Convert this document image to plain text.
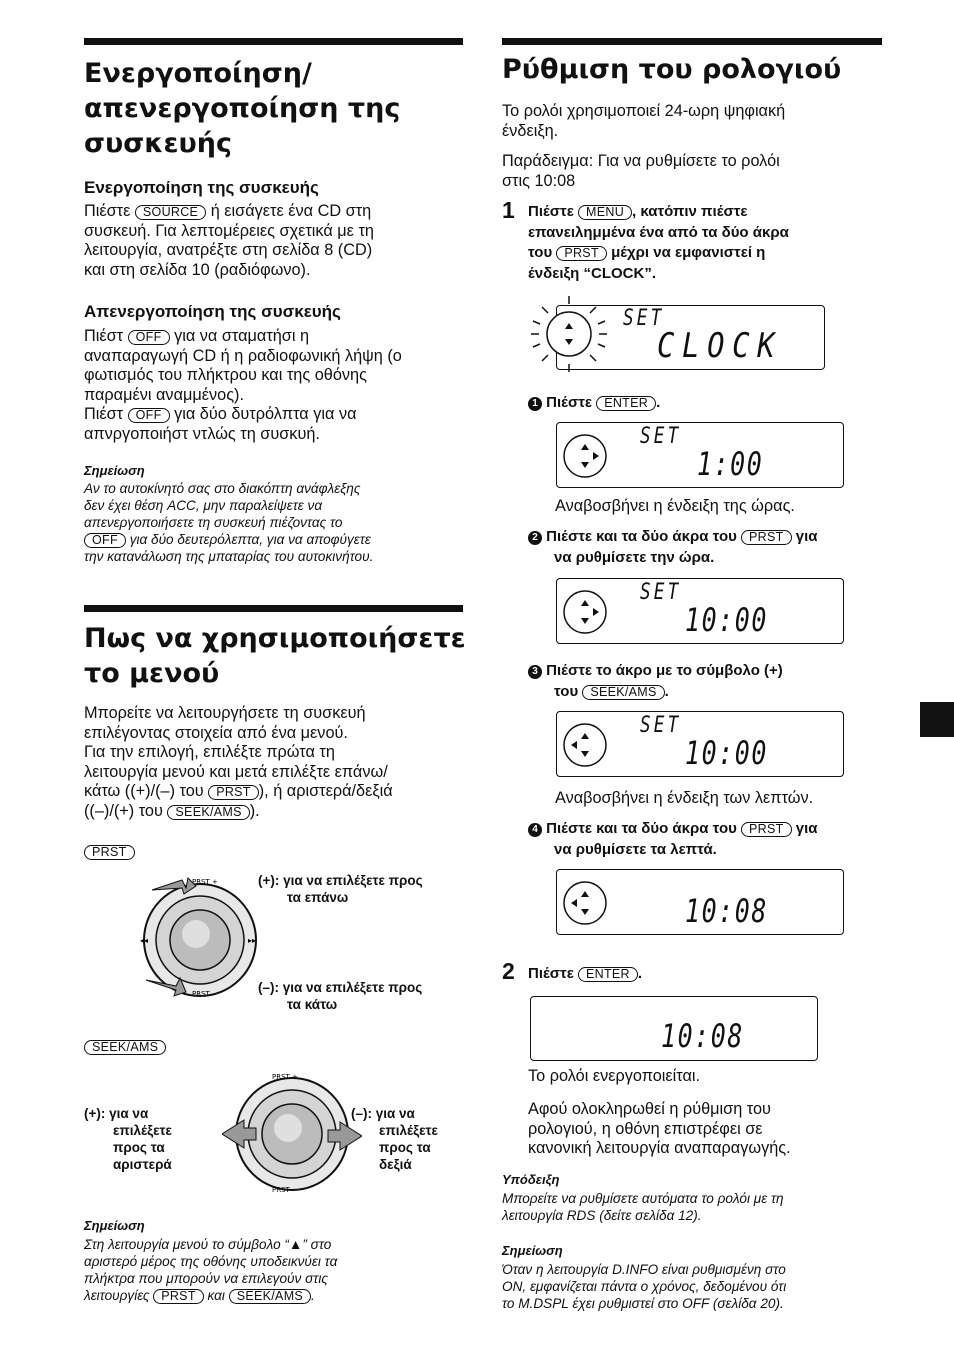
Ενεργοποίηση/
απενεργοποίηση της
συσκευής
Ενεργοποίηση της συσκευής
Πιέστε SOURCE ή εισάγετε ένα CD στη
συσκευή. Για λεπτομέρειες σχετικά με τη
λειτουργία, ανατρέξτε στη σελίδα 8 (CD)
και στη σελίδα 10 (ραδιόφωνο).
Απενεργοποίηση της συσκευής
Πιέστ OFF για να σταματήσι η
αναπαραγωγή CD ή η ραδιοφωνική λήψη (ο
φωτισμός του πλήκτρου και της οθόνης
παραμένι αναμμένος).
Πιέστ OFF για δύο δυτρόλπτα για να
απνργοποιήστ ντλώς τη συσκυή.
Σημείωση
Αν το αυτοκίνητό σας στο διακόπτη ανάφλεξης
δεν έχει θέση ACC, μην παραλείψετε να
απενεργοποιήσετε τη συσκευή πιέζοντας το
OFF για δύο δευτερόλεπτα, για να αποφύγετε
την κατανάλωση της μπαταρίας του αυτοκινήτου.
Πως να χρησιμοποιήσετε
το μενού
Μπορείτε να λειτουργήσετε τη συσκευή
επιλέγοντας στοιχεία από ένα μενού.
Για την επιλογή, επιλέξτε πρώτα τη
λειτουργία μενού και μετά επιλέξτε επάνω/
κάτω ((+)/(–) του PRST ), ή αριστερά/δεξιά
((–)/(+) του SEEK/AMS ).
PRST
PRST +
PRST –
◂◂	▸▸
(+): για να επιλέξετε προς
τα επάνω
(–): για να επιλέξετε προς
τα κάτω
SEEK/AMS
PRST +
PRST –
(+): για να
επιλέξετε
προς τα
αριστερά
(–): για να
επιλέξετε
προς τα
δεξιά
Σημείωση
Στη λειτουργία μενού το σύμβολο “▲” στο
αριστερό μέρος της οθόνης υποδεικνύει τα
πλήκτρα που μπορούν να επιλεγούν στις
λειτουργίες PRST και SEEK/AMS .
Ρύθμιση του ρολογιού
Το ρολόι χρησιμοποιεί 24-ωρη ψηφιακή
ένδειξη.
Παράδειγμα: Για να ρυθμίσετε το ρολόι
στις 10:08
1 Πιέστε MENU , κατόπιν πιέστε
επανειλημμένα ένα από τα δύο άκρα
του PRST μέχρι να εμφανιστεί η
ένδειξη “CLOCK”.
SET
CLOCK
1 Πιέστε ENTER .
SET
1:00
Αναβοσβήνει η ένδειξη της ώρας.
2 Πιέστε και τα δύο άκρα του PRST για
να ρυθμίσετε την ώρα.
SET
10:00
3 Πιέστε το άκρο με το σύμβολο (+)
του SEEK/AMS .
SET
10:00
Αναβοσβήνει η ένδειξη των λεπτών.
4 Πιέστε και τα δύο άκρα του PRST για
να ρυθμίσετε τα λεπτά.
10:08
2 Πιέστε ENTER .
10:08
Το ρολόι ενεργοποιείται.
Αφού ολοκληρωθεί η ρύθμιση του
ρολογιού, η οθόνη επιστρέφει σε
κανονική λειτουργία αναπαραγωγής.
Υπόδειξη
Μπορείτε να ρυθμίσετε αυτόματα το ρολόι με τη
λειτουργία RDS (δείτε σελίδα 12).
Σημείωση
Όταν η λειτουργία D.INFO είναι ρυθμισμένη στο
ON, εμφανίζεται πάντα ο χρόνος, δεδομένου ότι
το M.DSPL έχει ρυθμιστεί στο OFF (σελίδα 20).
